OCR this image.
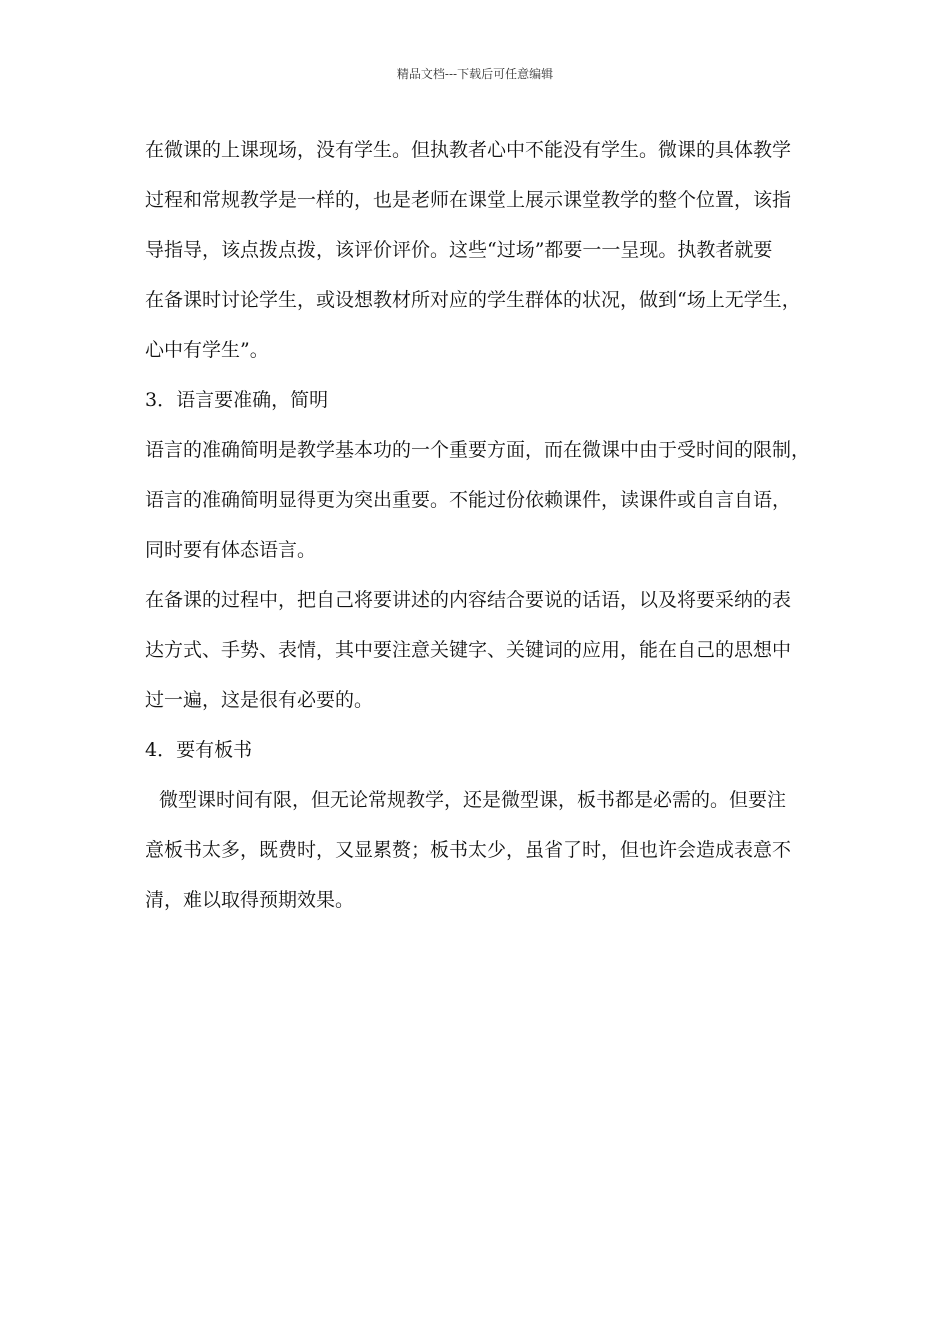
精品文档---下载后可任意编辑
在微课的上课现场，没有学生。但执教者心中不能没有学生。微课的具体教学
过程和常规教学是一样的，也是老师在课堂上展示课堂教学的整个位置，该指
导指导，该点拨点拨，该评价评价。这些“过场”都要一一呈现。执教者就要
在备课时讨论学生，或设想教材所对应的学生群体的状况，做到“场上无学生，
心中有学生”。
3．语言要准确，简明
语言的准确简明是教学基本功的一个重要方面，而在微课中由于受时间的限制，
语言的准确简明显得更为突出重要。不能过份依赖课件，读课件或自言自语，
同时要有体态语言。
在备课的过程中，把自己将要讲述的内容结合要说的话语，以及将要采纳的表
达方式、手势、表情，其中要注意关键字、关键词的应用，能在自己的思想中
过一遍，这是很有必要的。
4．要有板书
微型课时间有限，但无论常规教学，还是微型课，板书都是必需的。但要注
意板书太多，既费时，又显累赘；板书太少，虽省了时，但也许会造成表意不
清，难以取得预期效果。
